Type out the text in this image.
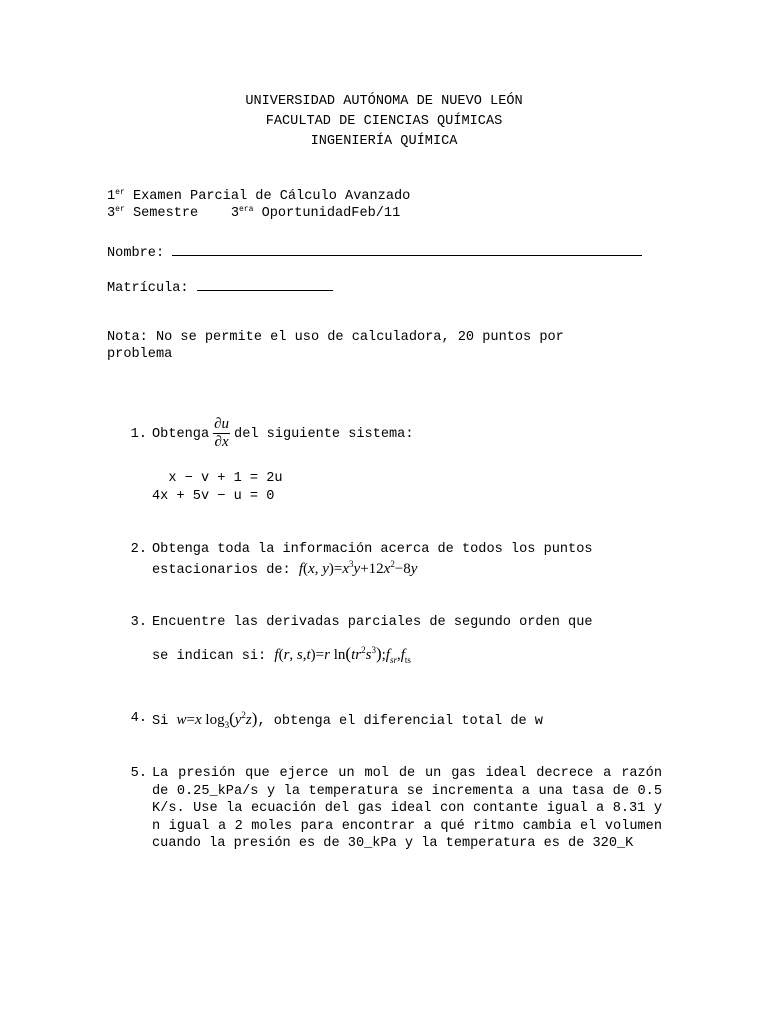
UNIVERSIDAD AUTÓNOMA DE NUEVO LEÓN
FACULTAD DE CIENCIAS QUÍMICAS
INGENIERÍA QUÍMICA
1er Examen Parcial de Cálculo Avanzado
3er Semestre    $3^{era}$ OportunidadFeb/11
Nombre:
Matrícula:
Nota: No se permite el uso de calculadora, 20 puntos por
problema
1. Obtenga $\frac{\partial u}{\partial x}$ del siguiente sistema:
x − v + 1 = 2u
4x + 5v − u = 0
2. Obtenga toda la información acerca de todos los puntos
estacionarios de: f(x, $y)=x^3y+12x^2-8y$
3. Encuentre las derivadas parciales de segundo orden que
se indican si: f(r, s,t)=r $\ln(tr^2s^3);f_{sr},f_{ts}$
4. Si w=x $\log_3(y^2z)$, obtenga el diferencial total de w
5. La presión que ejerce un mol de un gas ideal decrece a razón de 0.25_kPa/s y la temperatura se incrementa a una tasa de 0.5 K/s. Use la ecuación del gas ideal con contante igual a 8.31 y n igual a 2 moles para encontrar a qué ritmo cambia el volumen cuando la presión es de 30_kPa y la temperatura es de 320_K
